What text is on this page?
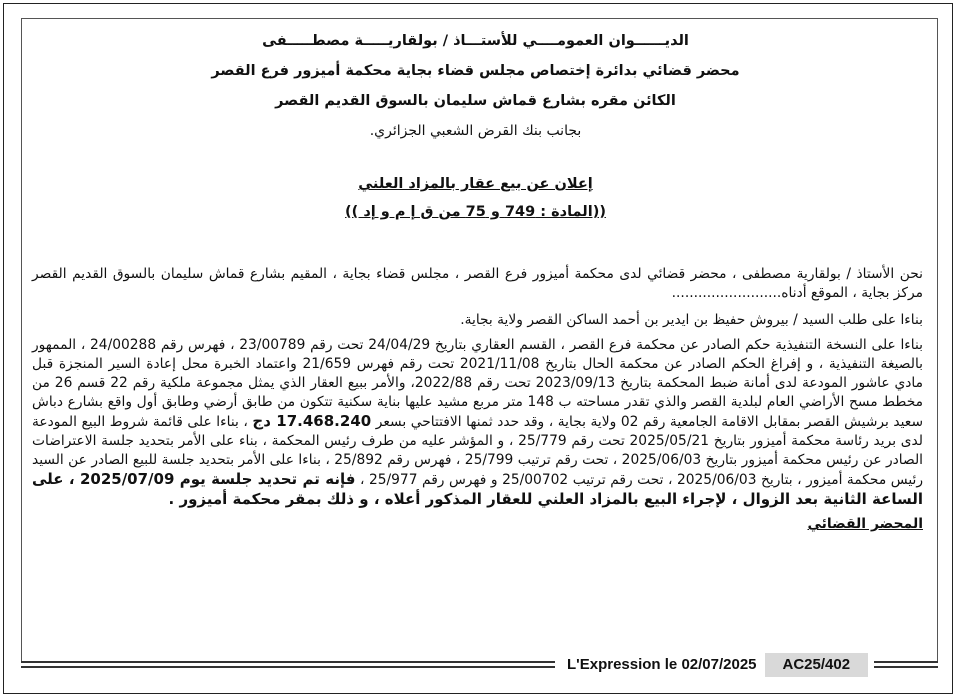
الديــــــوان العمومــــي للأستـــاذ / بولقاريـــــة مصطـــــفى
محضر قضائي بدائرة إختصاص مجلس قضاء بجاية محكمة أميزور فرع القصر
الكائن مقره بشارع قماش سليمان بالسوق القديم القصر
بجانب بنك القرض الشعبي الجزائري.
إعلان عن بيع عقار بالمزاد العلني
((المادة : 749 و 75 من ق إ م و إد ))

نحن الأستاذ / بولقارية مصطفى ، محضر قضائي لدى محكمة أميزور فرع القصر ، مجلس قضاء بجاية ، المقيم بشارع قماش سليمان بالسوق القديم القصر مركز بجاية ، الموقع أدناه.........................

بناءا على طلب السيد / بيروش حفيظ بن ايدير بن أحمد الساكن القصر ولاية بجاية.

بناءا على النسخة التنفيذية حكم الصادر عن محكمة فرع القصر ، القسم العقاري بتاريخ 24/04/29 تحت رقم 23/00789 ، فهرس رقم 24/00288 ، الممهور بالصيغة التنفيذية ، و إفراغ الحكم الصادر عن محكمة الحال بتاريخ 2021/11/08 تحت رقم فهرس 21/659 واعتماد الخبرة محل إعادة السير المنجزة قبل مادي عاشور المودعة لدى أمانة ضبط المحكمة بتاريخ 2023/09/13 تحت رقم 2022/88، والأمر ببيع العقار الذي يمثل مجموعة ملكية رقم 22 قسم 26 من مخطط مسح الأراضي العام لبلدية القصر والذي تقدر مساحته ب 148 متر مربع مشيد عليها بناية سكنية تتكون من طابق أرضي وطابق أول واقع بشارع دباش سعيد برشيش القصر بمقابل الاقامة الجامعية رقم 02 ولاية بجاية ، وقد حدد ثمنها الافتتاحي بسعر 17.468.240 دج ، بناءا على قائمة شروط البيع المودعة لدى بريد رئاسة محكمة أميزور بتاريخ 2025/05/21 تحت رقم 25/779 ، و المؤشر عليه من طرف رئيس المحكمة ، بناء على الأمر بتحديد جلسة الاعتراضات الصادر عن رئيس محكمة أميزور بتاريخ 2025/06/03 ، تحت رقم ترتيب 25/799 ، فهرس رقم 25/892 ، بناءا على الأمر بتحديد جلسة للبيع الصادر عن السيد رئيس محكمة أميزور ، بتاريخ 2025/06/03 ، تحت رقم ترتيب 25/00702 و فهرس رقم 25/977 ، فإنه تم تحديد جلسة يوم 2025/07/09 ، على الساعة الثانية بعد الزوال ، لإجراء البيع بالمزاد العلني للعقار المذكور أعلاه ، و ذلك بمقر محكمة أميزور .

المحضر القضائي
L'Expression le 02/07/2025	AC25/402
